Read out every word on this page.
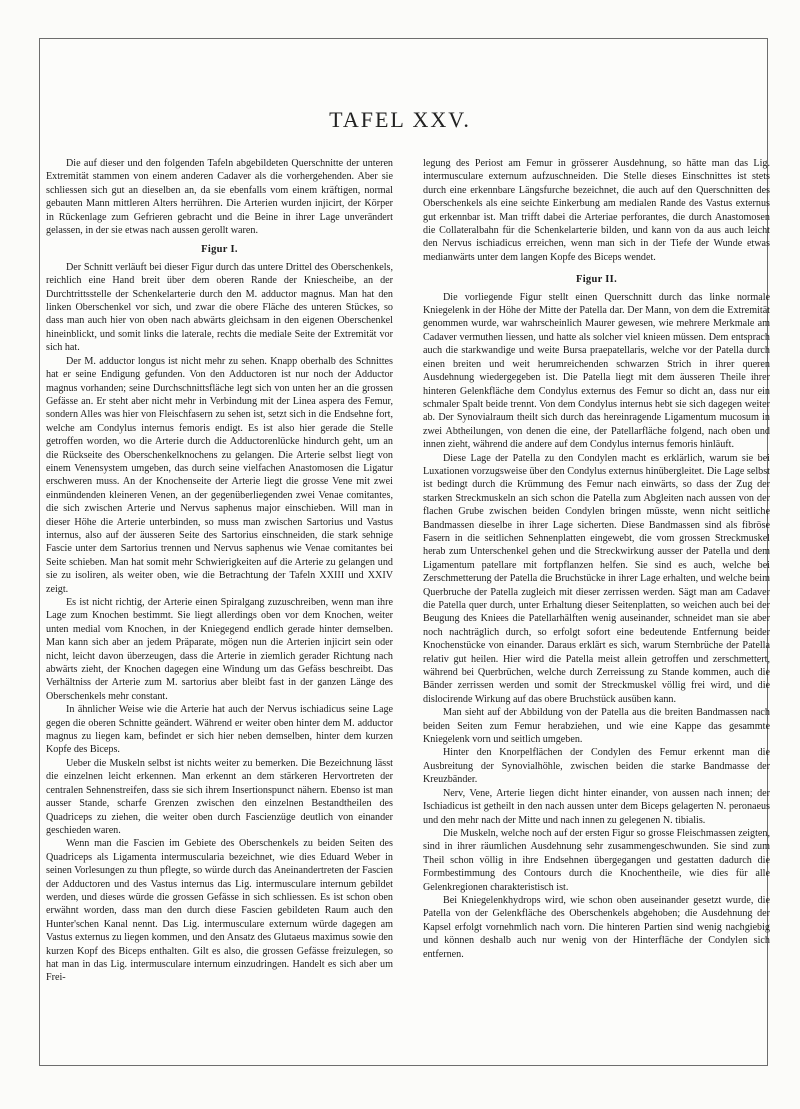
TAFEL XXV.

Die auf dieser und den folgenden Tafeln abgebildeten Querschnitte der unteren Extremität stammen von einem anderen Cadaver als die vorhergehenden. Aber sie schliessen sich gut an dieselben an, da sie ebenfalls vom einem kräftigen, normal gebauten Mann mittleren Alters herrühren. Die Arterien wurden injicirt, der Körper in Rückenlage zum Gefrieren gebracht und die Beine in ihrer Lage unverändert gelassen, in der sie etwas nach aussen gerollt waren.

Figur I.

Der Schnitt verläuft bei dieser Figur durch das untere Drittel des Oberschenkels, reichlich eine Hand breit über dem oberen Rande der Kniescheibe, an der Durchtrittsstelle der Schenkelarterie durch den M. adductor magnus. Man hat den linken Oberschenkel vor sich, und zwar die obere Fläche des unteren Stückes, so dass man auch hier von oben nach abwärts gleichsam in den eigenen Oberschenkel hineinblickt, und somit links die laterale, rechts die mediale Seite der Extremität vor sich hat.

Der M. adductor longus ist nicht mehr zu sehen. Knapp oberhalb des Schnittes hat er seine Endigung gefunden. Von den Adductoren ist nur noch der Adductor magnus vorhanden; seine Durchschnittsfläche legt sich von unten her an die grossen Gefässe an. Er steht aber nicht mehr in Verbindung mit der Linea aspera des Femur, sondern Alles was hier von Fleischfasern zu sehen ist, setzt sich in die Endsehne fort, welche am Condylus internus femoris endigt. Es ist also hier gerade die Stelle getroffen worden, wo die Arterie durch die Adductorenlücke hindurch geht, um an die Rückseite des Oberschenkelknochens zu gelangen. Die Arterie selbst liegt von einem Venensystem umgeben, das durch seine vielfachen Anastomosen die Ligatur erschweren muss. An der Knochenseite der Arterie liegt die grosse Vene mit zwei einmündenden kleineren Venen, an der gegenüberliegenden zwei Venae comitantes, die sich zwischen Arterie und Nervus saphenus major einschieben. Will man in dieser Höhe die Arterie unterbinden, so muss man zwischen Sartorius und Vastus internus, also auf der äusseren Seite des Sartorius einschneiden, die stark sehnige Fascie unter dem Sartorius trennen und Nervus saphenus wie Venae comitantes bei Seite schieben. Man hat somit mehr Schwierigkeiten auf die Arterie zu gelangen und sie zu isoliren, als weiter oben, wie die Betrachtung der Tafeln XXIII und XXIV zeigt.

Es ist nicht richtig, der Arterie einen Spiralgang zuzuschreiben, wenn man ihre Lage zum Knochen bestimmt. Sie liegt allerdings oben vor dem Knochen, weiter unten medial vom Knochen, in der Kniegegend endlich gerade hinter demselben. Man kann sich aber an jedem Präparate, mögen nun die Arterien injicirt sein oder nicht, leicht davon überzeugen, dass die Arterie in ziemlich gerader Richtung nach abwärts zieht, der Knochen dagegen eine Windung um das Gefäss beschreibt. Das Verhältniss der Arterie zum M. sartorius aber bleibt fast in der ganzen Länge des Oberschenkels mehr constant.

In ähnlicher Weise wie die Arterie hat auch der Nervus ischiadicus seine Lage gegen die oberen Schnitte geändert. Während er weiter oben hinter dem M. adductor magnus zu liegen kam, befindet er sich hier neben demselben, hinter dem kurzen Kopfe des Biceps.

Ueber die Muskeln selbst ist nichts weiter zu bemerken. Die Bezeichnung lässt die einzelnen leicht erkennen. Man erkennt an dem stärkeren Hervortreten der centralen Sehnenstreifen, dass sie sich ihrem Insertionspunct nähern. Ebenso ist man ausser Stande, scharfe Grenzen zwischen den einzelnen Bestandtheilen des Quadriceps zu ziehen, die weiter oben durch Fascienzüge deutlich von einander geschieden waren.

Wenn man die Fascien im Gebiete des Oberschenkels zu beiden Seiten des Quadriceps als Ligamenta intermuscularia bezeichnet, wie dies Eduard Weber in seinen Vorlesungen zu thun pflegte, so würde durch das Aneinandertreten der Fascien der Adductoren und des Vastus internus das Lig. intermusculare internum gebildet werden, und dieses würde die grossen Gefässe in sich schliessen. Es ist schon oben erwähnt worden, dass man den durch diese Fascien gebildeten Raum auch den Hunter'schen Kanal nennt. Das Lig. intermusculare externum würde dagegen am Vastus externus zu liegen kommen, und den Ansatz des Glutaeus maximus sowie den kurzen Kopf des Biceps enthalten. Gilt es also, die grossen Gefässe freizulegen, so hat man in das Lig. intermusculare internum einzudringen. Handelt es sich aber um Frei-

legung des Periost am Femur in grösserer Ausdehnung, so hätte man das Lig. intermusculare externum aufzuschneiden. Die Stelle dieses Einschnittes ist stets durch eine erkennbare Längsfurche bezeichnet, die auch auf den Querschnitten des Oberschenkels als eine seichte Einkerbung am medialen Rande des Vastus externus gut erkennbar ist. Man trifft dabei die Arteriae perforantes, die durch Anastomosen die Collateralbahn für die Schenkelarterie bilden, und kann von da aus auch leicht den Nervus ischiadicus erreichen, wenn man sich in der Tiefe der Wunde etwas medianwärts unter dem langen Kopfe des Biceps wendet.

Figur II.

Die vorliegende Figur stellt einen Querschnitt durch das linke normale Kniegelenk in der Höhe der Mitte der Patella dar. Der Mann, von dem die Extremität genommen wurde, war wahrscheinlich Maurer gewesen, wie mehrere Merkmale am Cadaver vermuthen liessen, und hatte als solcher viel knieen müssen. Dem entsprach auch die starkwandige und weite Bursa praepatellaris, welche vor der Patella durch einen breiten und weit herumreichenden schwarzen Strich in ihrer queren Ausdehnung wiedergegeben ist. Die Patella liegt mit dem äusseren Theile ihrer hinteren Gelenkfläche dem Condylus externus des Femur so dicht an, dass nur ein schmaler Spalt beide trennt. Von dem Condylus internus hebt sie sich dagegen weiter ab. Der Synovialraum theilt sich durch das hereinragende Ligamentum mucosum in zwei Abtheilungen, von denen die eine, der Patellarfläche folgend, nach oben und innen zieht, während die andere auf dem Condylus internus femoris hinläuft.

Diese Lage der Patella zu den Condylen macht es erklärlich, warum sie bei Luxationen vorzugsweise über den Condylus externus hinübergleitet. Die Lage selbst ist bedingt durch die Krümmung des Femur nach einwärts, so dass der Zug der starken Streckmuskeln an sich schon die Patella zum Abgleiten nach aussen von der flachen Grube zwischen beiden Condylen bringen müsste, wenn nicht seitliche Bandmassen dieselbe in ihrer Lage sicherten. Diese Bandmassen sind als fibröse Fasern in die seitlichen Sehnenplatten eingewebt, die vom grossen Streckmuskel herab zum Unterschenkel gehen und die Streckwirkung ausser der Patella und dem Ligamentum patellare mit fortpflanzen helfen. Sie sind es auch, welche bei Zerschmetterung der Patella die Bruchstücke in ihrer Lage erhalten, und welche beim Querbruche der Patella zugleich mit dieser zerrissen werden. Sägt man am Cadaver die Patella quer durch, unter Erhaltung dieser Seitenplatten, so weichen auch bei der Beugung des Kniees die Patellarhälften wenig auseinander, schneidet man sie aber noch nachträglich durch, so erfolgt sofort eine bedeutende Entfernung beider Knochenstücke von einander. Daraus erklärt es sich, warum Sternbrüche der Patella relativ gut heilen. Hier wird die Patella meist allein getroffen und zerschmettert, während bei Querbrüchen, welche durch Zerreissung zu Stande kommen, auch die Bänder zerrissen werden und somit der Streckmuskel völlig frei wird, und die dislocirende Wirkung auf das obere Bruchstück ausüben kann.

Man sieht auf der Abbildung von der Patella aus die breiten Bandmassen nach beiden Seiten zum Femur herabziehen, und wie eine Kappe das gesammte Kniegelenk vorn und seitlich umgeben.

Hinter den Knorpelflächen der Condylen des Femur erkennt man die Ausbreitung der Synovialhöhle, zwischen beiden die starke Bandmasse der Kreuzbänder.

Nerv, Vene, Arterie liegen dicht hinter einander, von aussen nach innen; der Ischiadicus ist getheilt in den nach aussen unter dem Biceps gelagerten N. peronaeus und den mehr nach der Mitte und nach innen zu gelegenen N. tibialis.

Die Muskeln, welche noch auf der ersten Figur so grosse Fleischmassen zeigten, sind in ihrer räumlichen Ausdehnung sehr zusammengeschwunden. Sie sind zum Theil schon völlig in ihre Endsehnen übergegangen und gestatten dadurch die Formbestimmung des Contours durch die Knochentheile, wie dies für alle Gelenkregionen charakteristisch ist.

Bei Kniegelenkhydrops wird, wie schon oben auseinander gesetzt wurde, die Patella von der Gelenkfläche des Oberschenkels abgehoben; die Ausdehnung der Kapsel erfolgt vornehmlich nach vorn. Die hinteren Partien sind wenig nachgiebig und können deshalb auch nur wenig von der Hinterfläche der Condylen sich entfernen.
